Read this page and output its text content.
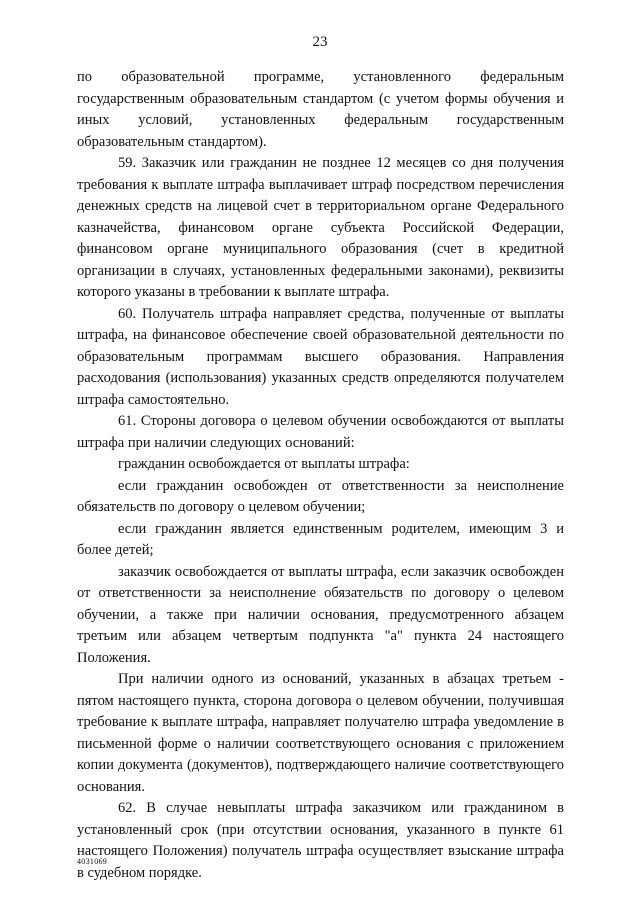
23

по образовательной программе, установленного федеральным государственным образовательным стандартом (с учетом формы обучения и иных условий, установленных федеральным государственным образовательным стандартом).

59. Заказчик или гражданин не позднее 12 месяцев со дня получения требования к выплате штрафа выплачивает штраф посредством перечисления денежных средств на лицевой счет в территориальном органе Федерального казначейства, финансовом органе субъекта Российской Федерации, финансовом органе муниципального образования (счет в кредитной организации в случаях, установленных федеральными законами), реквизиты которого указаны в требовании к выплате штрафа.

60. Получатель штрафа направляет средства, полученные от выплаты штрафа, на финансовое обеспечение своей образовательной деятельности по образовательным программам высшего образования. Направления расходования (использования) указанных средств определяются получателем штрафа самостоятельно.

61. Стороны договора о целевом обучении освобождаются от выплаты штрафа при наличии следующих оснований:

гражданин освобождается от выплаты штрафа:

если гражданин освобожден от ответственности за неисполнение обязательств по договору о целевом обучении;

если гражданин является единственным родителем, имеющим 3 и более детей;

заказчик освобождается от выплаты штрафа, если заказчик освобожден от ответственности за неисполнение обязательств по договору о целевом обучении, а также при наличии основания, предусмотренного абзацем третьим или абзацем четвертым подпункта "а" пункта 24 настоящего Положения.

При наличии одного из оснований, указанных в абзацах третьем - пятом настоящего пункта, сторона договора о целевом обучении, получившая требование к выплате штрафа, направляет получателю штрафа уведомление в письменной форме о наличии соответствующего основания с приложением копии документа (документов), подтверждающего наличие соответствующего основания.

62. В случае невыплаты штрафа заказчиком или гражданином в установленный срок (при отсутствии основания, указанного в пункте 61 настоящего Положения) получатель штрафа осуществляет взыскание штрафа в судебном порядке.

4031069
